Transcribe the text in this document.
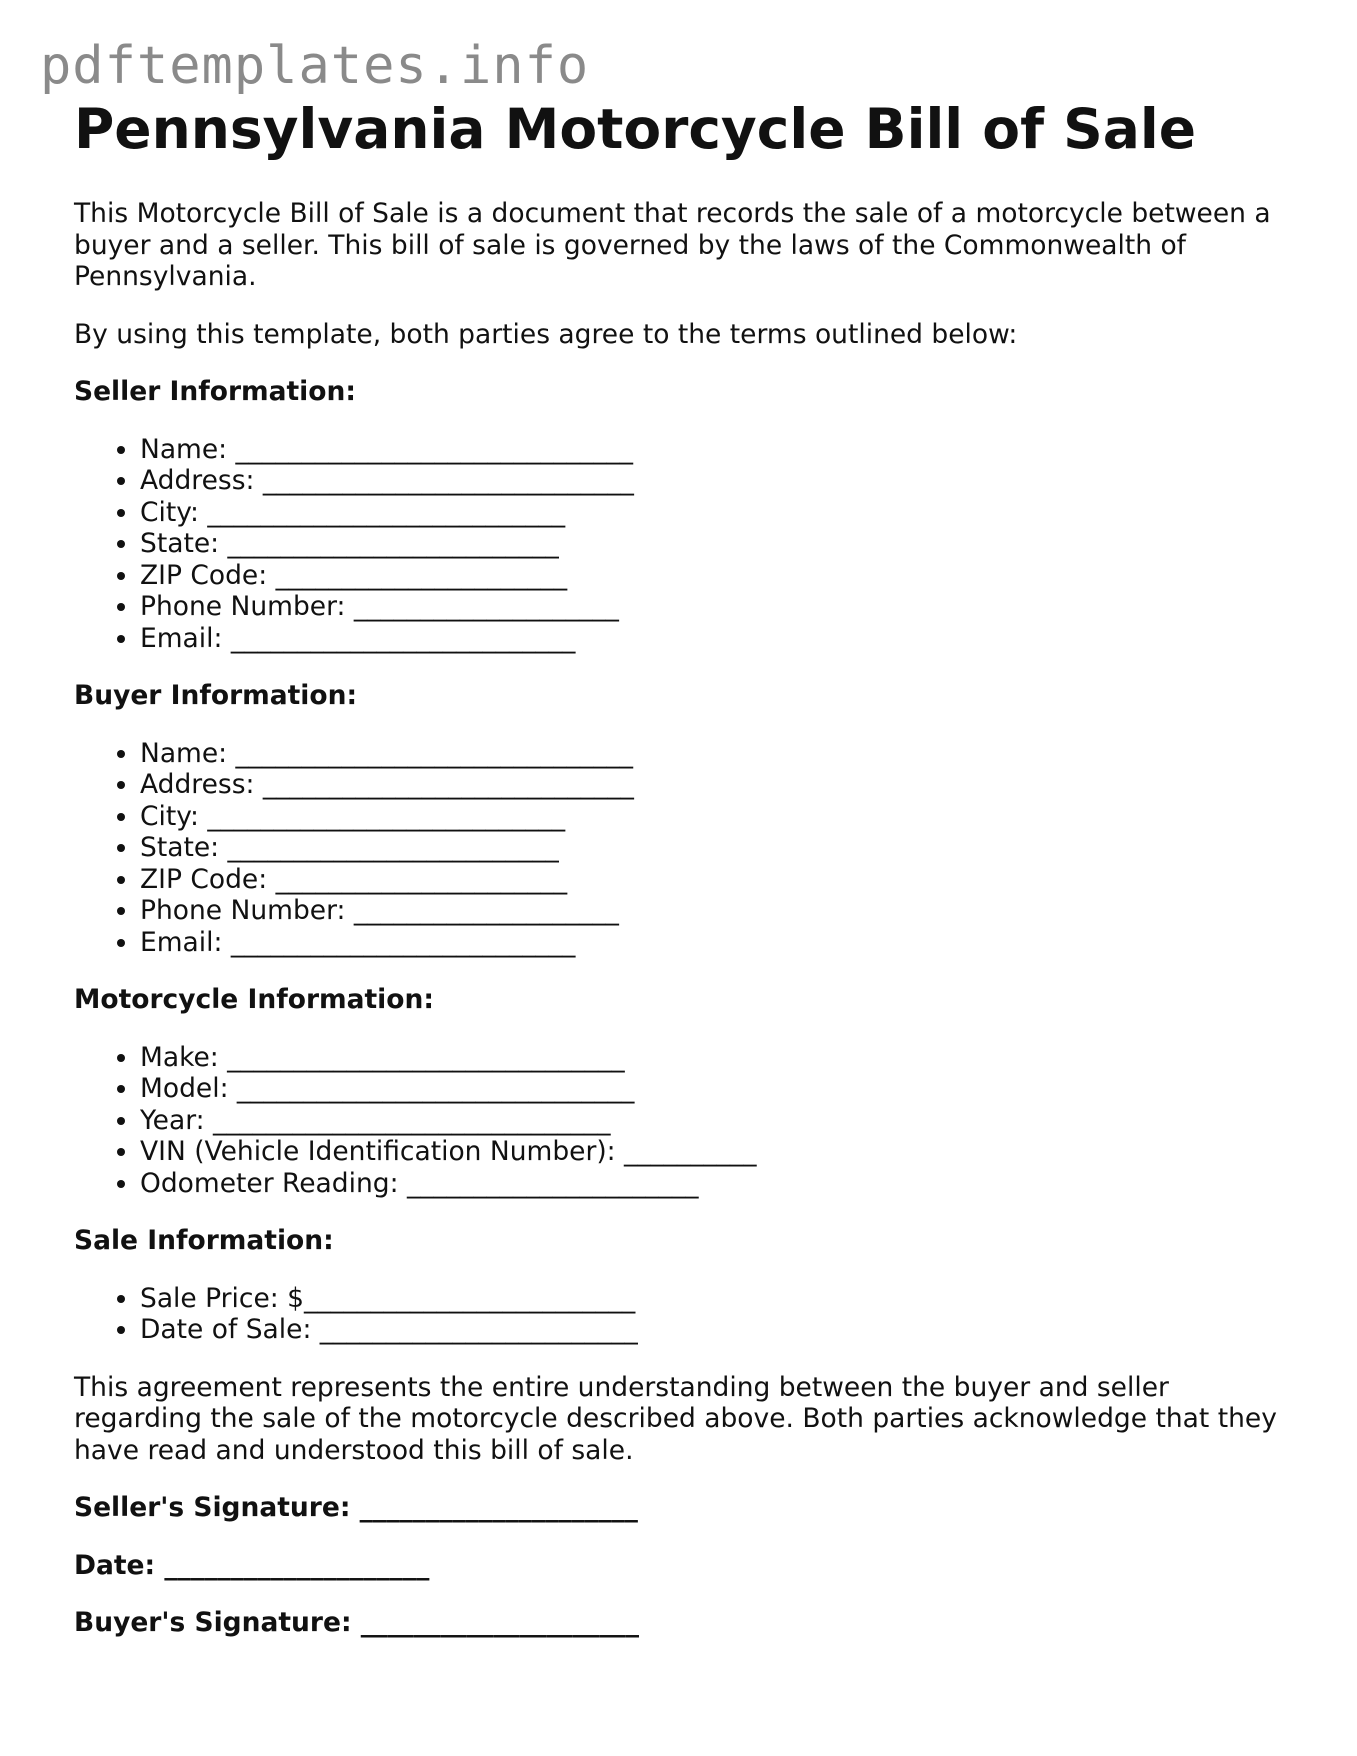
pdftemplates.info
Pennsylvania Motorcycle Bill of Sale

This Motorcycle Bill of Sale is a document that records the sale of a motorcycle between a buyer and a seller. This bill of sale is governed by the laws of the Commonwealth of Pennsylvania.

By using this template, both parties agree to the terms outlined below:

Seller Information:
• Name: ______________________________
• Address: ____________________________
• City: ___________________________
• State: _________________________
• ZIP Code: ______________________
• Phone Number: ____________________
• Email: __________________________
Buyer Information:
• Name: ______________________________
• Address: ____________________________
• City: ___________________________
• State: _________________________
• ZIP Code: ______________________
• Phone Number: ____________________
• Email: __________________________
Motorcycle Information:
• Make: ______________________________
• Model: ______________________________
• Year: ______________________________
• VIN (Vehicle Identification Number): __________
• Odometer Reading: ______________________
Sale Information:
• Sale Price: $_________________________
• Date of Sale: ________________________

This agreement represents the entire understanding between the buyer and seller regarding the sale of the motorcycle described above. Both parties acknowledge that they have read and understood this bill of sale.

Seller's Signature: _____________________
Date: ____________________
Buyer's Signature: _____________________
